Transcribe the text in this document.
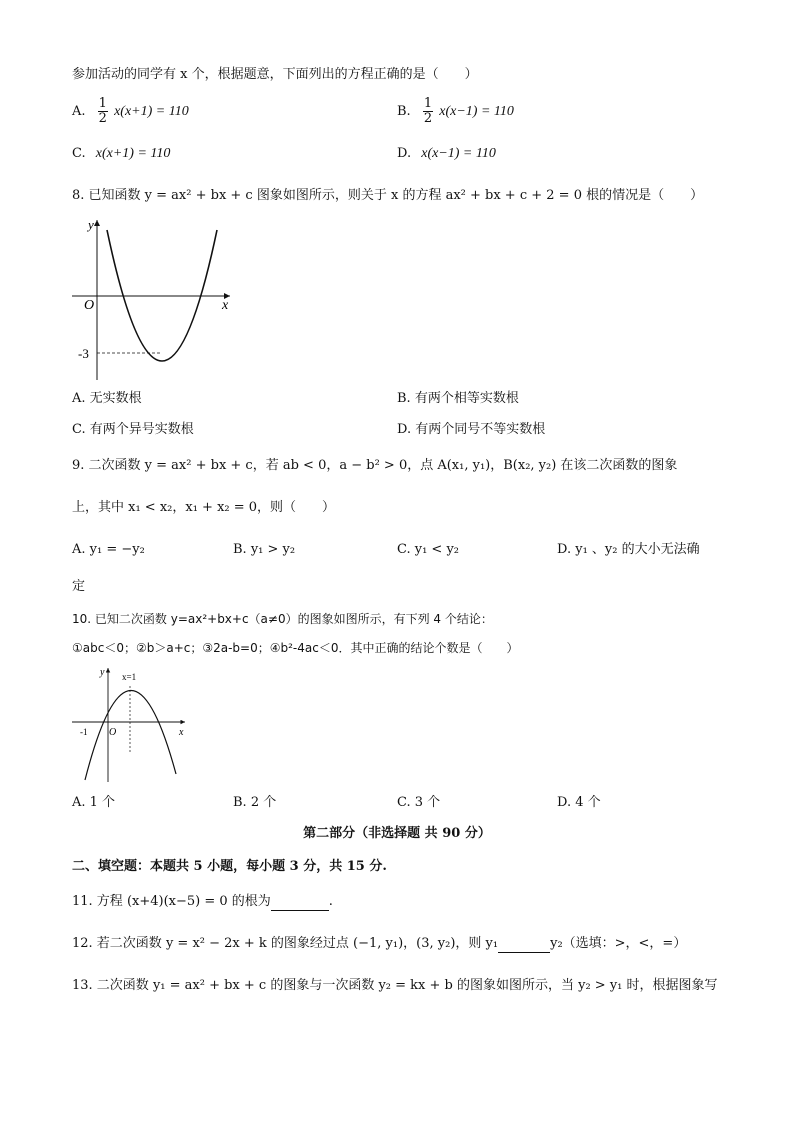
参加活动的同学有 x 个，根据题意，下面列出的方程正确的是（　　）
A. $\frac{1}{2} x(x+1) = 110$	B. $\frac{1}{2} x(x-1) = 110$
C. x(x+1) = 110	D. x(x−1) = 110
8. 已知函数 y = ax² + bx + c 图象如图所示，则关于 x 的方程 ax² + bx + c + 2 = 0 根的情况是（　　）
y
x
O
-3
A. 无实数根	B. 有两个相等实数根
C. 有两个异号实数根	D. 有两个同号不等实数根
9. 二次函数 y = ax² + bx + c，若 ab < 0，a − b² > 0，点 A(x₁, y₁)，B(x₂, y₂) 在该二次函数的图象
上，其中 x₁ < x₂，x₁ + x₂ = 0，则（　　）
A. y₁ = −y₂	B. y₁ > y₂	C. y₁ < y₂	D. y₁ 、y₂ 的大小无法确
定
10. 已知二次函数 y=ax²+bx+c（a≠0）的图象如图所示，有下列 4 个结论：
①abc＜0；②b＞a+c；③2a-b=0；④b²-4ac＜0．其中正确的结论个数是（　　）
y
x
O
-1
x=1
A. 1 个	B. 2 个	C. 3 个	D. 4 个
第二部分（非选择题 共 90 分）
二、填空题：本题共 5 小题，每小题 3 分，共 15 分.
11. 方程 (x+4)(x−5) = 0 的根为	.
12. 若二次函数 y = x² − 2x + k 的图象经过点 (−1, y₁)，(3, y₂)，则 y₁	y₂（选填：>，<，=）
13. 二次函数 y₁ = ax² + bx + c 的图象与一次函数 y₂ = kx + b 的图象如图所示，当 y₂ > y₁ 时，根据图象写
